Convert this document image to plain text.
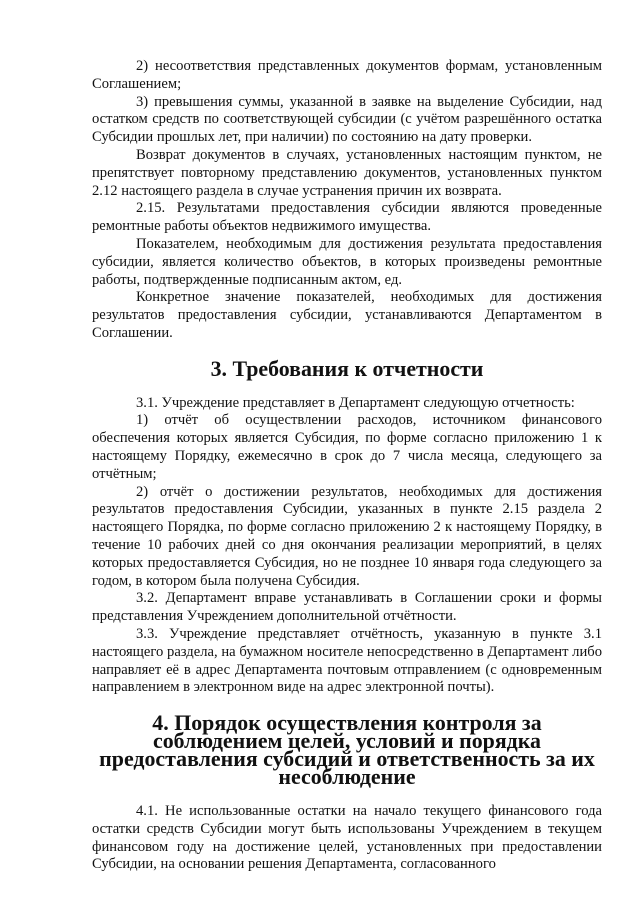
2) несоответствия представленных документов формам, установленным Соглашением;

3) превышения суммы, указанной в заявке на выделение Субсидии, над остатком средств по соответствующей субсидии (с учётом разрешённого остатка Субсидии прошлых лет, при наличии) по состоянию на дату проверки.

Возврат документов в случаях, установленных настоящим пунктом, не препятствует повторному представлению документов, установленных пунктом 2.12 настоящего раздела в случае устранения причин их возврата.

2.15. Результатами предоставления субсидии являются проведенные ремонтные работы объектов недвижимого имущества.

Показателем, необходимым для достижения результата предоставления субсидии, является количество объектов, в которых произведены ремонтные работы, подтвержденные подписанным актом, ед.

Конкретное значение показателей, необходимых для достижения результатов предоставления субсидии, устанавливаются Департаментом в Соглашении.

3. Требования к отчетности

3.1. Учреждение представляет в Департамент следующую отчетность:

1) отчёт об осуществлении расходов, источником финансового обеспечения которых является Субсидия, по форме согласно приложению 1 к настоящему Порядку, ежемесячно в срок до 7 числа месяца, следующего за отчётным;

2) отчёт о достижении результатов, необходимых для достижения результатов предоставления Субсидии, указанных в пункте 2.15 раздела 2 настоящего Порядка, по форме согласно приложению 2 к настоящему Порядку, в течение 10 рабочих дней со дня окончания реализации мероприятий, в целях которых предоставляется Субсидия, но не позднее 10 января года следующего за годом, в котором была получена Субсидия.

3.2. Департамент вправе устанавливать в Соглашении сроки и формы представления Учреждением дополнительной отчётности.

3.3. Учреждение представляет отчётность, указанную в пункте 3.1 настоящего раздела, на бумажном носителе непосредственно в Департамент либо направляет её в адрес Департамента почтовым отправлением (с одновременным направлением в электронном виде на адрес электронной почты).

4. Порядок осуществления контроля за соблюдением целей, условий и порядка предоставления субсидий и ответственность за их несоблюдение

4.1. Не использованные остатки на начало текущего финансового года остатки средств Субсидии могут быть использованы Учреждением в текущем финансовом году на достижение целей, установленных при предоставлении Субсидии, на основании решения Департамента, согласованного
